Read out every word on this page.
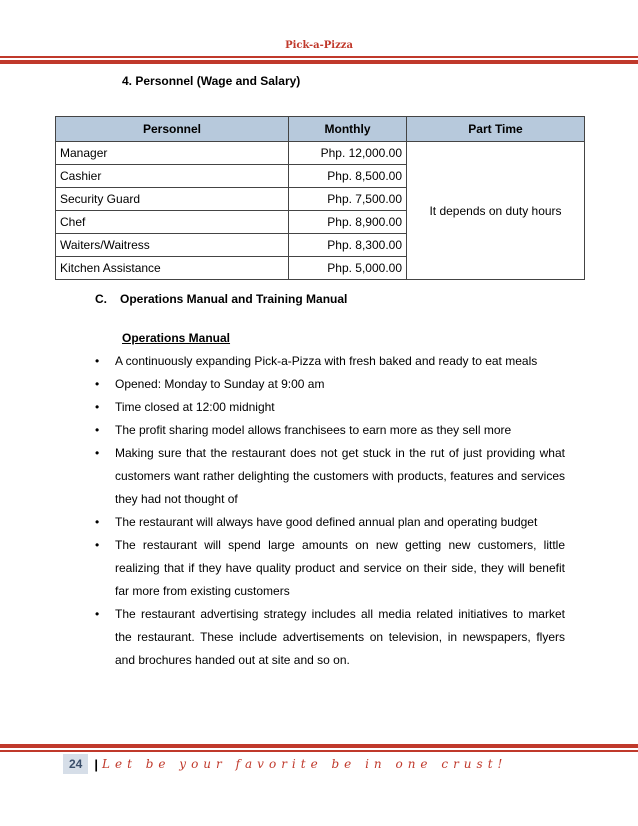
Pick-a-Pizza
4. Personnel (Wage and Salary)
Personnel	Monthly	Part Time
Manager	Php. 12,000.00	It depends on duty hours
Cashier	Php. 8,500.00	
Security Guard	Php. 7,500.00	
Chef	Php. 8,900.00	
Waiters/Waitress	Php. 8,300.00	
Kitchen Assistance	Php. 5,000.00	
C. Operations Manual and Training Manual
Operations Manual
• A continuously expanding Pick-a-Pizza with fresh baked and ready to eat meals
• Opened: Monday to Sunday at 9:00 am
• Time closed at 12:00 midnight
• The profit sharing model allows franchisees to earn more as they sell more
• Making sure that the restaurant does not get stuck in the rut of just providing what customers want rather delighting the customers with products, features and services they had not thought of
• The restaurant will always have good defined annual plan and operating budget
• The restaurant will spend large amounts on new getting new customers, little realizing that if they have quality product and service on their side, they will benefit far more from existing customers
• The restaurant advertising strategy includes all media related initiatives to market the restaurant. These include advertisements on television, in newspapers, flyers and brochures handed out at site and so on.
24 | Let be your favorite be in one crust!
